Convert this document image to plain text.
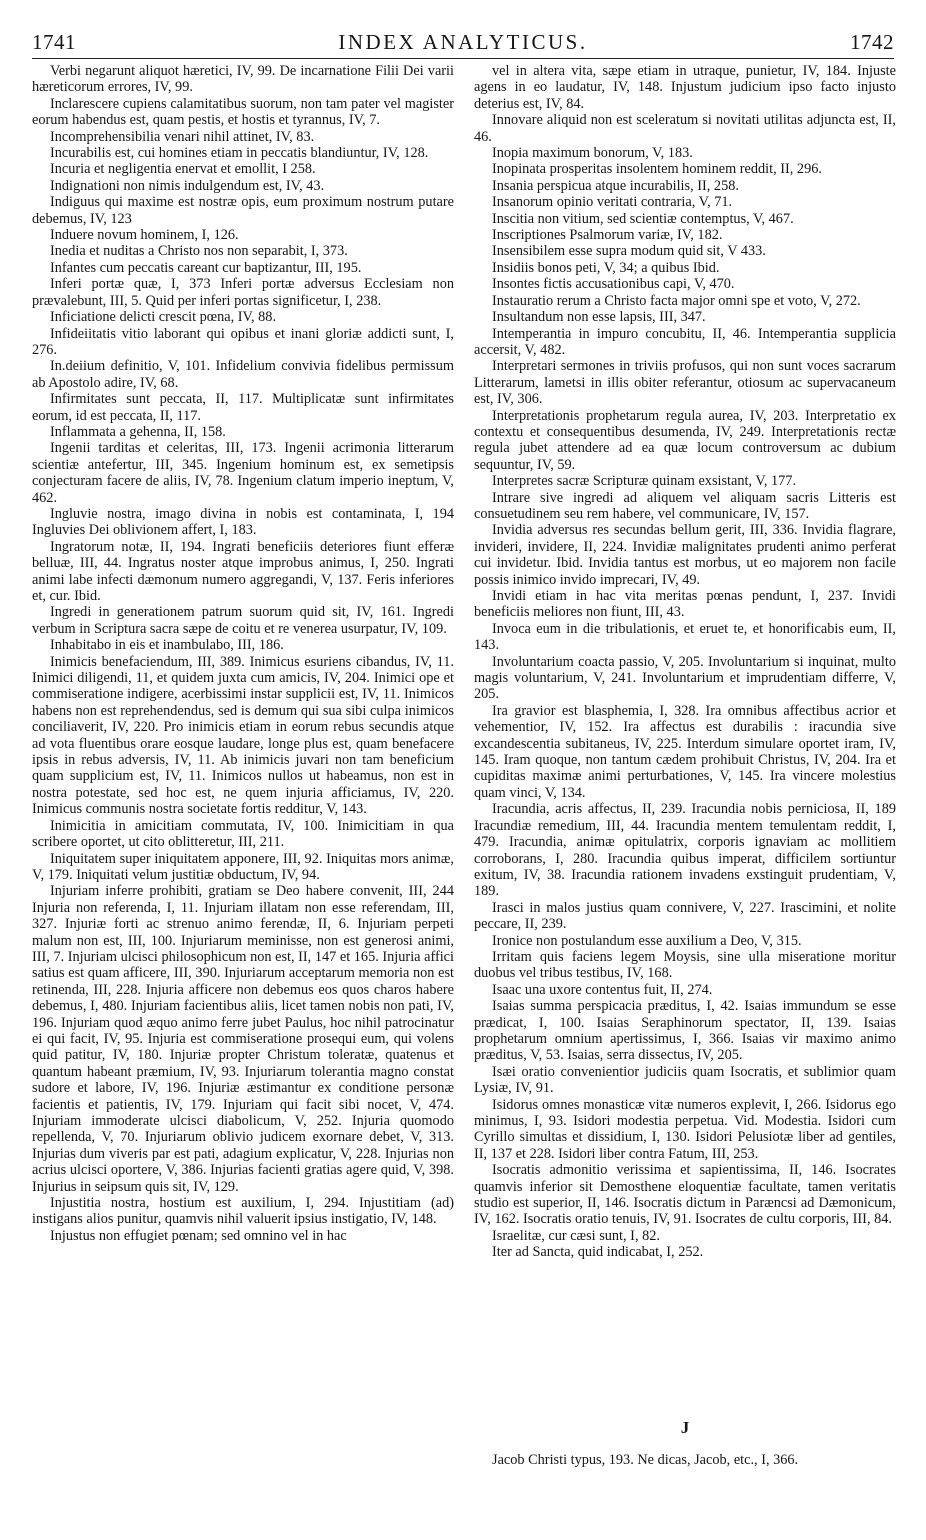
1741	INDEX ANALYTICUS.	1742

Verbi negarunt aliquot hæretici, IV, 99. De incarnatione Filii Dei varii hæreticorum errores, IV, 99.

Inclarescere cupiens calamitatibus suorum, non tam pater vel magister eorum habendus est, quam pestis, et hostis et tyrannus, IV, 7.

Incomprehensibilia venari nihil attinet, IV, 83.

Incurabilis est, cui homines etiam in peccatis blandiuntur, IV, 128.

Incuria et negligentia enervat et emollit, I 258.

Indignationi non nimis indulgendum est, IV, 43.

Indiguus qui maxime est nostræ opis, eum proximum nostrum putare debemus, IV, 123

Induere novum hominem, I, 126.

Inedia et nuditas a Christo nos non separabit, I, 373.

Infantes cum peccatis careant cur baptizantur, III, 195.

Inferi portæ quæ, I, 373 Inferi portæ adversus Ecclesiam non prævalebunt, III, 5. Quid per inferi portas significetur, I, 238.

Inficiatione delicti crescit pœna, IV, 88.

Infideiitatis vitio laborant qui opibus et inani gloriæ addicti sunt, I, 276.

In.deiium definitio, V, 101. Infidelium convivia fidelibus permissum ab Apostolo adire, IV, 68.

Infirmitates sunt peccata, II, 117. Multiplicatæ sunt infirmitates eorum, id est peccata, II, 117.

Inflammata a gehenna, II, 158.

Ingenii tarditas et celeritas, III, 173. Ingenii acrimonia litterarum scientiæ antefertur, III, 345. Ingenium hominum est, ex semetipsis conjecturam facere de aliis, IV, 78. Ingenium clatum imperio ineptum, V, 462.

Ingluvie nostra, imago divina in nobis est contaminata, I, 194 Ingluvies Dei oblivionem affert, I, 183.

Ingratorum notæ, II, 194. Ingrati beneficiis deteriores fiunt efferæ belluæ, III, 44. Ingratus noster atque improbus animus, I, 250. Ingrati animi labe infecti dæmonum numero aggregandi, V, 137. Feris inferiores et, cur. Ibid.

Ingredi in generationem patrum suorum quid sit, IV, 161. Ingredi verbum in Scriptura sacra sæpe de coitu et re venerea usurpatur, IV, 109.

Inhabitabo in eis et inambulabo, III, 186.

Inimicis benefaciendum, III, 389. Inimicus esuriens cibandus, IV, 11. Inimici diligendi, 11, et quidem juxta cum amicis, IV, 204. Inimici ope et commiseratione indigere, acerbissimi instar supplicii est, IV, 11. Inimicos habens non est reprehendendus, sed is demum qui sua sibi culpa inimicos conciliaverit, IV, 220. Pro inimicis etiam in eorum rebus secundis atque ad vota fluentibus orare eosque laudare, longe plus est, quam benefacere ipsis in rebus adversis, IV, 11. Ab inimicis juvari non tam beneficium quam supplicium est, IV, 11. Inimicos nullos ut habeamus, non est in nostra potestate, sed hoc est, ne quem injuria afficiamus, IV, 220. Inimicus communis nostra societate fortis redditur, V, 143.

Inimicitia in amicitiam commutata, IV, 100. Inimicitiam in qua scribere oportet, ut cito oblitteretur, III, 211.

Iniquitatem super iniquitatem apponere, III, 92. Iniquitas mors animæ, V, 179. Iniquitati velum justitiæ obductum, IV, 94.

Injuriam inferre prohibiti, gratiam se Deo habere convenit, III, 244 Injuria non referenda, I, 11. Injuriam illatam non esse referendam, III, 327. Injuriæ forti ac strenuo animo ferendæ, II, 6. Injuriam perpeti malum non est, III, 100. Injuriarum meminisse, non est generosi animi, III, 7. Injuriam ulcisci philosophicum non est, II, 147 et 165. Injuria affici satius est quam afficere, III, 390. Injuriarum acceptarum memoria non est retinenda, III, 228. Injuria afficere non debemus eos quos charos habere debemus, I, 480. Injuriam facientibus aliis, licet tamen nobis non pati, IV, 196. Injuriam quod æquo animo ferre jubet Paulus, hoc nihil patrocinatur ei qui facit, IV, 95. Injuria est commiseratione prosequi eum, qui volens quid patitur, IV, 180. Injuriæ propter Christum toleratæ, quatenus et quantum habeant præmium, IV, 93. Injuriarum tolerantia magno constat sudore et labore, IV, 196. Injuriæ æstimantur ex conditione personæ facientis et patientis, IV, 179. Injuriam qui facit sibi nocet, V, 474. Injuriam immoderate ulcisci diabolicum, V, 252. Injuria quomodo repellenda, V, 70. Injuriarum oblivio judicem exornare debet, V, 313. Injurias dum viveris par est pati, adagium explicatur, V, 228. Injurias non acrius ulcisci oportere, V, 386. Injurias facienti gratias agere quid, V, 398. Injurius in seipsum quis sit, IV, 129.

Injustitia nostra, hostium est auxilium, I, 294. Injustitiam (ad) instigans alios punitur, quamvis nihil valuerit ipsius instigatio, IV, 148.

Injustus non effugiet pœnam; sed omnino vel in hac

vel in altera vita, sæpe etiam in utraque, punietur, IV, 184. Injuste agens in eo laudatur, IV, 148. Injustum judicium ipso facto injusto deterius est, IV, 84.

Innovare aliquid non est sceleratum si novitati utilitas adjuncta est, II, 46.

Inopia maximum bonorum, V, 183.

Inopinata prosperitas insolentem hominem reddit, II, 296.

Insania perspicua atque incurabilis, II, 258.

Insanorum opinio veritati contraria, V, 71.

Inscitia non vitium, sed scientiæ contemptus, V, 467.

Inscriptiones Psalmorum variæ, IV, 182.

Insensibilem esse supra modum quid sit, V 433.

Insidiis bonos peti, V, 34; a quibus Ibid.

Insontes fictis accusationibus capi, V, 470.

Instauratio rerum a Christo facta major omni spe et voto, V, 272.

Insultandum non esse lapsis, III, 347.

Intemperantia in impuro concubitu, II, 46. Intemperantia supplicia accersit, V, 482.

Interpretari sermones in triviis profusos, qui non sunt voces sacrarum Litterarum, lametsi in illis obiter referantur, otiosum ac supervacaneum est, IV, 306.

Interpretationis prophetarum regula aurea, IV, 203. Interpretatio ex contextu et consequentibus desumenda, IV, 249. Interpretationis rectæ regula jubet attendere ad ea quæ locum controversum ac dubium sequuntur, IV, 59.

Interpretes sacræ Scripturæ quinam exsistant, V, 177.

Intrare sive ingredi ad aliquem vel aliquam sacris Litteris est consuetudinem seu rem habere, vel communicare, IV, 157.

Invidia adversus res secundas bellum gerit, III, 336. Invidia flagrare, invideri, invidere, II, 224. Invidiæ malignitates prudenti animo perferat cui invidetur. Ibid. Invidia tantus est morbus, ut eo majorem non facile possis inimico invido imprecari, IV, 49.

Invidi etiam in hac vita meritas pœnas pendunt, I, 237. Invidi beneficiis meliores non fiunt, III, 43.

Invoca eum in die tribulationis, et eruet te, et honorificabis eum, II, 143.

Involuntarium coacta passio, V, 205. Involuntarium si inquinat, multo magis voluntarium, V, 241. Involuntarium et imprudentiam differre, V, 205.

Ira gravior est blasphemia, I, 328. Ira omnibus affectibus acrior et vehementior, IV, 152. Ira affectus est durabilis : iracundia sive excandescentia subitaneus, IV, 225. Interdum simulare oportet iram, IV, 145. Iram quoque, non tantum cædem prohibuit Christus, IV, 204. Ira et cupiditas maximæ animi perturbationes, V, 145. Ira vincere molestius quam vinci, V, 134.

Iracundia, acris affectus, II, 239. Iracundia nobis perniciosa, II, 189 Iracundiæ remedium, III, 44. Iracundia mentem temulentam reddit, I, 479. Iracundia, animæ opitulatrix, corporis ignaviam ac mollitiem corroborans, I, 280. Iracundia quibus imperat, difficilem sortiuntur exitum, IV, 38. Iracundia rationem invadens exstinguit prudentiam, V, 189.

Irasci in malos justius quam connivere, V, 227. Irascimini, et nolite peccare, II, 239.

Ironice non postulandum esse auxilium a Deo, V, 315.

Irritam quis faciens legem Moysis, sine ulla miseratione moritur duobus vel tribus testibus, IV, 168.

Isaac una uxore contentus fuit, II, 274.

Isaias summa perspicacia præditus, I, 42. Isaias immundum se esse prædicat, I, 100. Isaias Seraphinorum spectator, II, 139. Isaias prophetarum omnium apertissimus, I, 366. Isaias vir maximo animo præditus, V, 53. Isaias, serra dissectus, IV, 205.

Isæi oratio convenientior judiciis quam Isocratis, et sublimior quam Lysiæ, IV, 91.

Isidorus omnes monasticæ vitæ numeros explevit, I, 266. Isidorus ego minimus, I, 93. Isidori modestia perpetua. Vid. Modestia. Isidori cum Cyrillo simultas et dissidium, I, 130. Isidori Pelusiotæ liber ad gentiles, II, 137 et 228. Isidori liber contra Fatum, III, 253.

Isocratis admonitio verissima et sapientissima, II, 146. Isocrates quamvis inferior sit Demosthene eloquentiæ facultate, tamen veritatis studio est superior, II, 146. Isocratis dictum in Paræncsi ad Dæmonicum, IV, 162. Isocratis oratio tenuis, IV, 91. Isocrates de cultu corporis, III, 84.

Israelitæ, cur cæsi sunt, I, 82.

Iter ad Sancta, quid indicabat, I, 252.

J

Jacob Christi typus, 193. Ne dicas, Jacob, etc., I, 366.
